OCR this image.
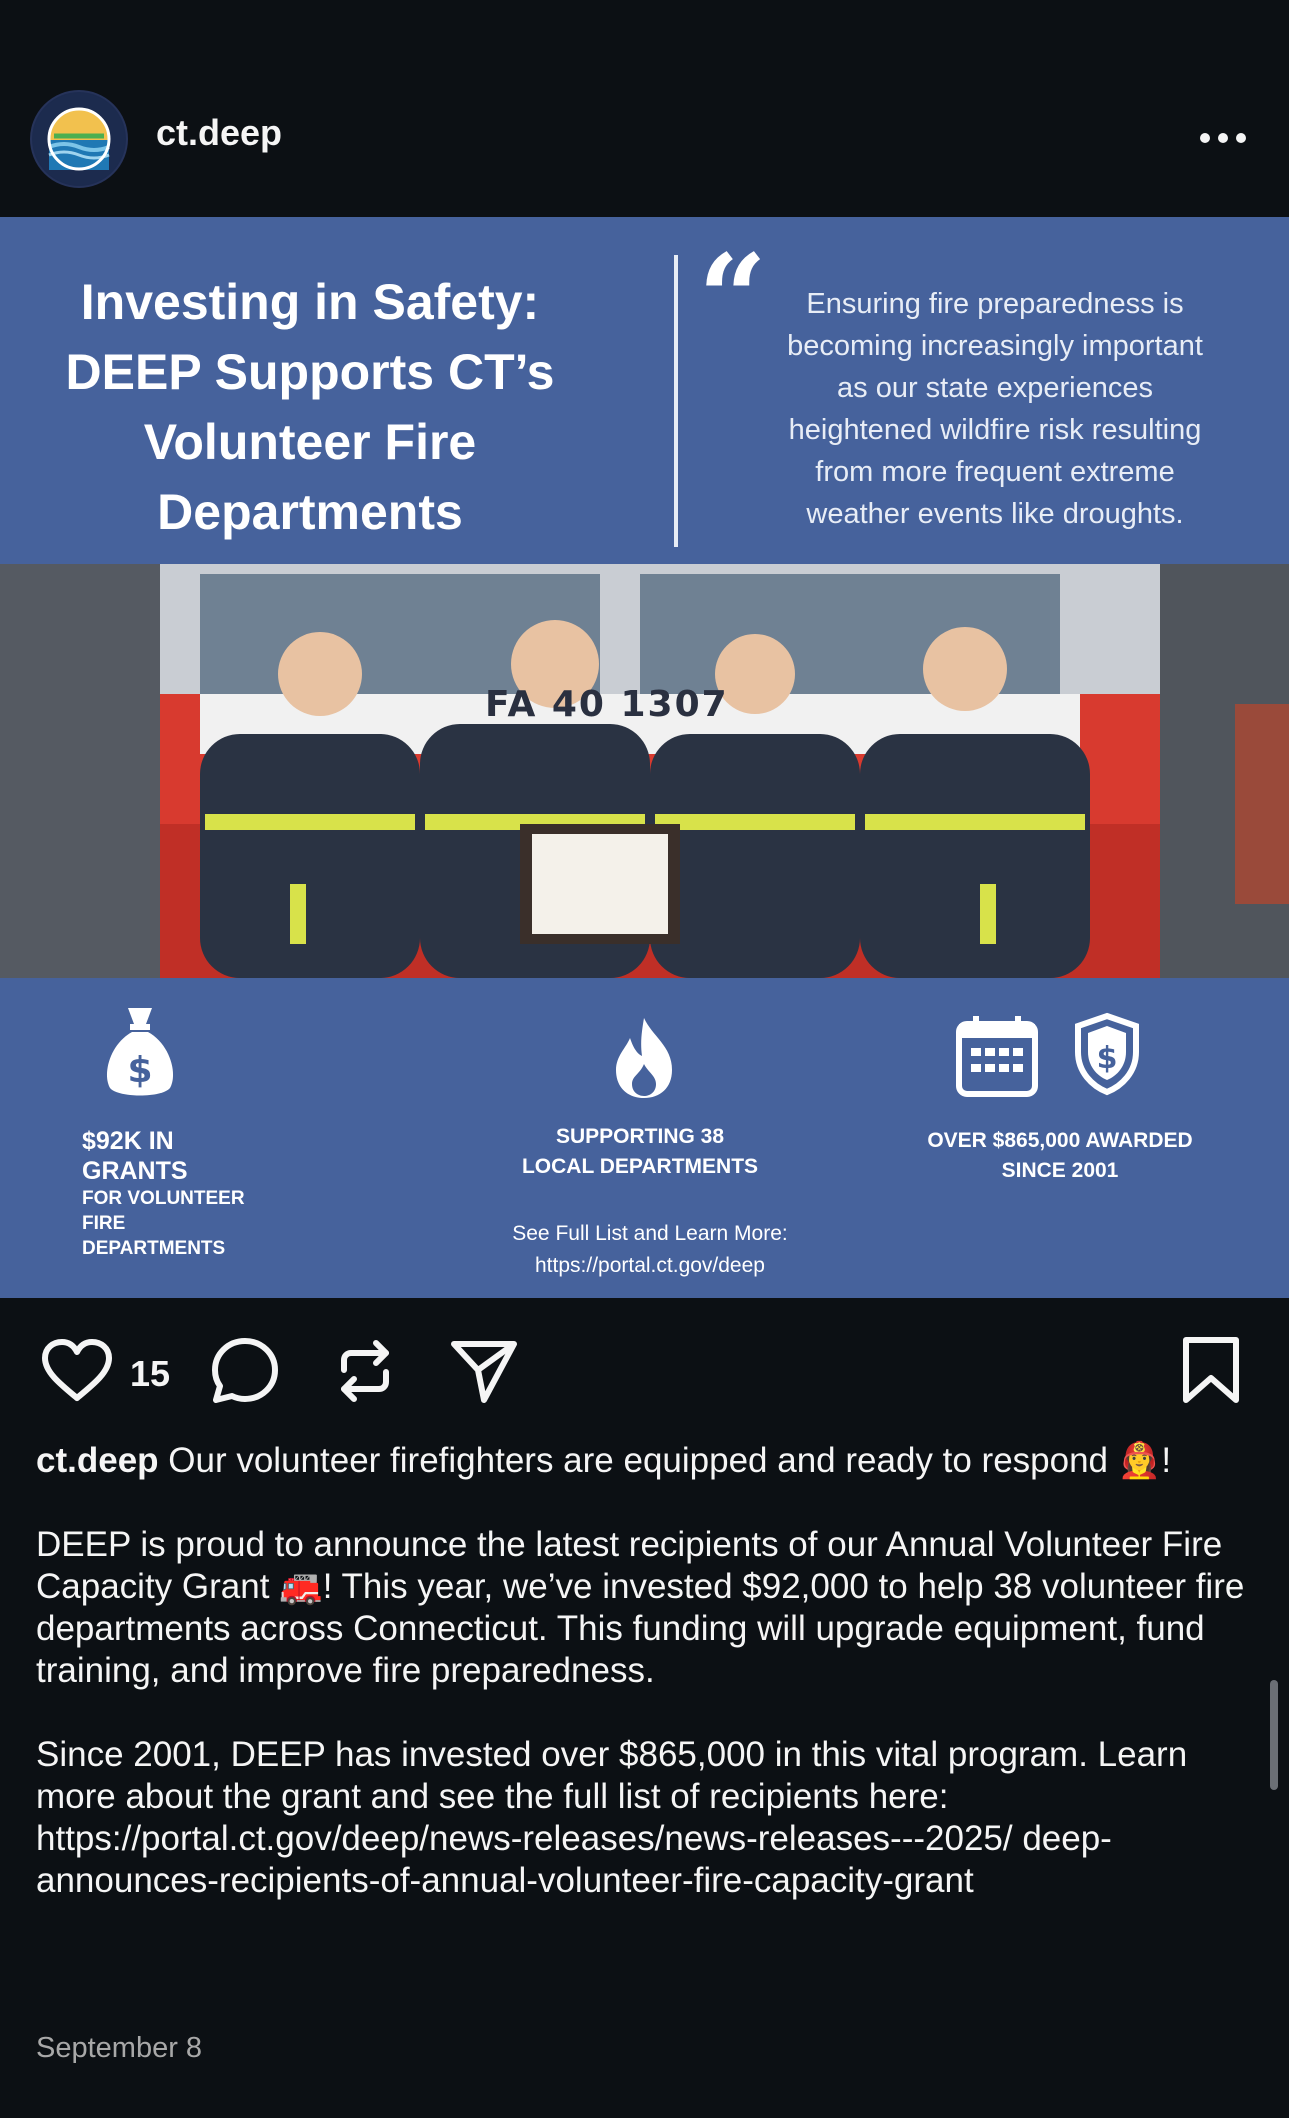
ct.deep
Investing in Safety:
DEEP Supports CT’s
Volunteer Fire
Departments
“	Ensuring fire preparedness is
becoming increasingly important
as our state experiences
heightened wildfire risk resulting
from more frequent extreme
weather events like droughts.
FA 40 1307
$
$92K IN
GRANTS
FOR VOLUNTEER
FIRE
DEPARTMENTS
SUPPORTING 38
LOCAL DEPARTMENTS
$
OVER $865,000 AWARDED
SINCE 2001
See Full List and Learn More:
https://portal.ct.gov/deep
15

ct.deep Our volunteer firefighters are equipped and ready to respond 👩‍🚒!

DEEP is proud to announce the latest recipients of our Annual Volunteer Fire Capacity Grant 🚒! This year, we’ve invested $92,000 to help 38 volunteer fire departments across Connecticut. This funding will upgrade equipment, fund training, and improve fire preparedness.

Since 2001, DEEP has invested over $865,000 in this vital program. Learn more about the grant and see the full list of recipients here: https://portal.ct.gov/deep/news-releases/news-releases---2025/ deep-announces-recipients-of-annual-volunteer-fire-capacity-grant

September 8
